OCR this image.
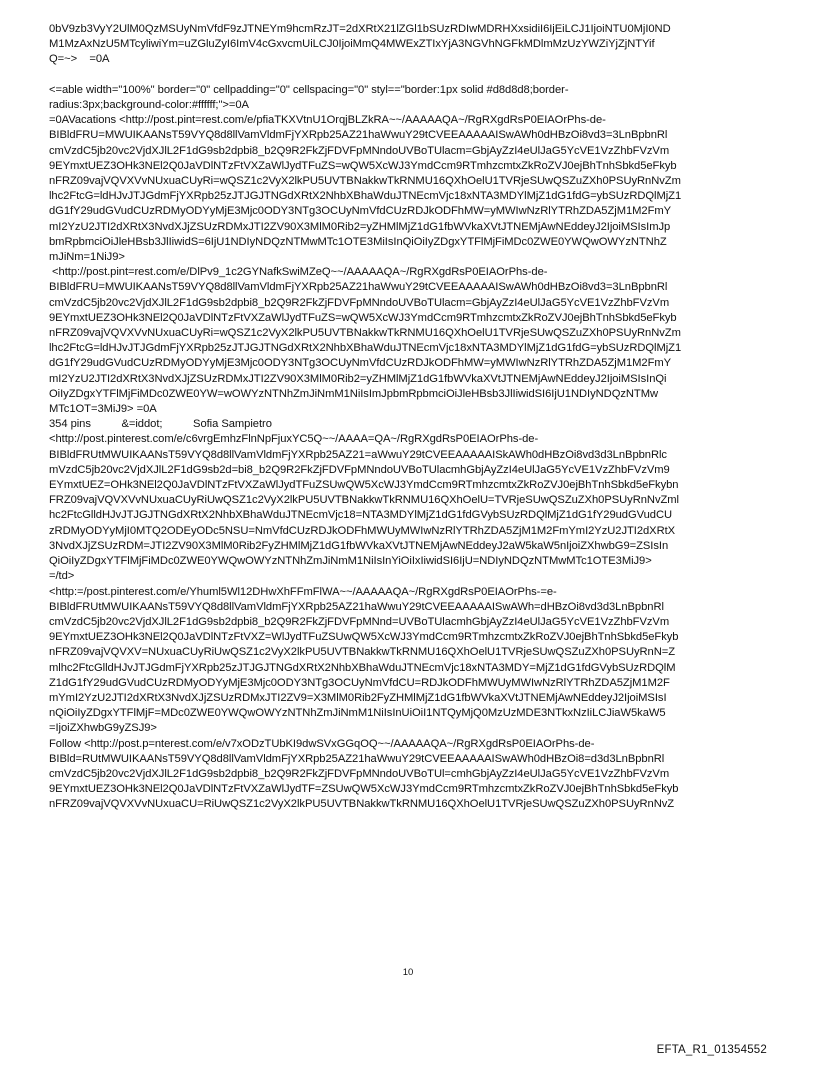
0bV9zb3VyY2UlM0QzMSUyNmVfdF9zJTNEYm9hcmRzJT=2dXRtX21lZGl1bSUzRDIwMDRHXxsidiI6IjEiLCJ1IjoiNTU0MjI0ND
M1MzAxNzU5MTcyliwiYm=uZGluZyI6ImV4cGxvcmUiLCJ0IjoiMmQ4MWExZTIxYjA3NGVhNGFkMDlmMzUzYWZiYjZjNTYif
Q=~>    =0A
<=able width="100%" border="0" cellpadding="0" cellspacing="0" styl=="border:1px solid #d8d8d8;border-
radius:3px;background-color:#ffffff;">=0A
=0AVacations <http://post.pint=rest.com/e/pfiaTKXVtnU1OrqjBLZkRA~~/AAAAAQA~/RgRXgdRsP0EIAOrPhs-de-
BIBldFRU=MWUIKAANsT59VYQ8d8llVamVldmFjYXRpb25AZ21haWwuY29tCVEEAAAAAISwAWh0dHBzOi8vd3=3LnBpbnRl
cmVzdC5jb20vc2VjdXJlL2F1dG9sb2dpbi8_b2Q9R2FkZjFDVFpMNndoUVBoTUlacm=GbjAyZzI4eUlJaG5YcVE1VzZhbFVzVm
9EYmxtUEZ3OHk3NEl2Q0JaVDlNTzFtVXZaWlJydTFuZS=wQW5XcWJ3YmdCcm9RTmhzcmtxZkRoZVJ0ejBhTnhSbkd5eFkyb
nFRZ09vajVQVXVvNUxuaCUyRi=wQSZ1c2VyX2lkPU5UVTBNakkwTkRNMU16QXhOelU1TVRjeSUwQSZuZXh0PSUyRnNvZm
lhc2FtcG=ldHJvJTJGdmFjYXRpb25zJTJGJTNGdXRtX2NhbXBhaWduJTNEcmVjc18xNTA3MDYlMjZ1dG1fdG=ybSUzRDQlMjZ1
dG1fY29udGVudCUzRDMyODYyMjE3Mjc0ODY3NTg3OCUyNmVfdCUzRDJkODFhMW=yMWIwNzRlYTRhZDA5ZjM1M2FmY
mI2YzU2JTI2dXRtX3NvdXJjZSUzRDMxJTI2ZV90X3MlM0Rib2=yZHMlMjZ1dG1fbWVkaXVtJTNEMjAwNEddeyJ2IjoiMSIsImJp
bmRpbmciOiJleHBsb3JlIiwidS=6IjU1NDIyNDQzNTMwMTc1OTE3MiIsInQiOiIyZDgxYTFlMjFiMDc0ZWE0YWQwOWYzNTNhZ
mJiNm=1NiJ9>
<http://post.pint=rest.com/e/DlPv9_1c2GYNafkSwiMZeQ~~/AAAAAQA~/RgRXgdRsP0EIAOrPhs-de-
BIBldFRU=MWUIKAANsT59VYQ8d8llVamVldmFjYXRpb25AZ21haWwuY29tCVEEAAAAAISwAWh0dHBzOi8vd3=3LnBpbnRl
cmVzdC5jb20vc2VjdXJlL2F1dG9sb2dpbi8_b2Q9R2FkZjFDVFpMNndoUVBoTUlacm=GbjAyZzI4eUlJaG5YcVE1VzZhbFVzVm
9EYmxtUEZ3OHk3NEl2Q0JaVDlNTzFtVXZaWlJydTFuZS=wQW5XcWJ3YmdCcm9RTmhzcmtxZkRoZVJ0ejBhTnhSbkd5eFkyb
nFRZ09vajVQVXVvNUxuaCUyRi=wQSZ1c2VyX2lkPU5UVTBNakkwTkRNMU16QXhOelU1TVRjeSUwQSZuZXh0PSUyRnNvZm
lhc2FtcG=ldHJvJTJGdmFjYXRpb25zJTJGJTNGdXRtX2NhbXBhaWduJTNEcmVjc18xNTA3MDYlMjZ1dG1fdG=ybSUzRDQlMjZ1
dG1fY29udGVudCUzRDMyODYyMjE3Mjc0ODY3NTg3OCUyNmVfdCUzRDJkODFhMW=yMWIwNzRlYTRhZDA5ZjM1M2FmY
mI2YzU2JTI2dXRtX3NvdXJjZSUzRDMxJTI2ZV90X3MlM0Rib2=yZHMlMjZ1dG1fbWVkaXVtJTNEMjAwNEddeyJ2IjoiMSIsInQi
OiIyZDgxYTFlMjFiMDc0ZWE0YW=wOWYzNTNhZmJiNmM1NiIsImJpbmRpbmciOiJleHBsb3JlIiwidSI6IjU1NDIyNDQzNTMw
MTc1OT=3MiJ9> =0A
354 pins          &=iddot;          Sofia Sampietro
<http://post.pinterest.com/e/c6vrgEmhzFlnNpFjuxYC5Q~~/AAAA=QA~/RgRXgdRsP0EIAOrPhs-de-
BIBldFRUtMWUIKAANsT59VYQ8d8llVamVldmFjYXRpb25AZ21=aWwuY29tCVEEAAAAAISkAWh0dHBzOi8vd3d3LnBpbnRlc
mVzdC5jb20vc2VjdXJlL2F1dG9sb2d=bi8_b2Q9R2FkZjFDVFpMNndoUVBoTUlacmhGbjAyZzI4eUlJaG5YcVE1VzZhbFVzVm9
EYmxtUEZ=OHk3NEl2Q0JaVDlNTzFtVXZaWlJydTFuZSUwQW5XcWJ3YmdCcm9RTmhzcmtxZkRoZVJ0ejBhTnhSbkd5eFkybn
FRZ09vajVQVXVvNUxuaCUyRiUwQSZ1c2VyX2lkPU5UVTBNakkwTkRNMU16QXhOelU=TVRjeSUwQSZuZXh0PSUyRnNvZml
hc2FtcGlldHJvJTJGJTNGdXRtX2NhbXBhaWduJTNEcmVjc18=NTA3MDYlMjZ1dG1fdGVybSUzRDQlMjZ1dG1fY29udGVudCU
zRDMyODYyMjI0MTQ2ODEyODc5NSU=NmVfdCUzRDJkODFhMWUyMWIwNzRlYTRhZDA5ZjM1M2FmYmI2YzU2JTI2dXRtX
3NvdXJjZSUzRDM=JTI2ZV90X3MlM0Rib2FyZHMlMjZ1dG1fbWVkaXVtJTNEMjAwNEddeyJ2aW5kaW5nIjoiZXhwbG9=ZSIsIn
QiOiIyZDgxYTFlMjFiMDc0ZWE0YWQwOWYzNTNhZmJiNmM1NiIsInYiOiIxIiwidSI6IjU=NDIyNDQzNTMwMTc1OTE3MiJ9>
=/td>
<http:=/post.pinterest.com/e/Yhuml5Wl12DHwXhFFmFlWA~~/AAAAAQA~/RgRXgdRsP0EIAOrPhs-=e-
BIBldFRUtMWUIKAANsT59VYQ8d8llVamVldmFjYXRpb25AZ21haWwuY29tCVEEAAAAAISwAWh=dHBzOi8vd3d3LnBpbnRl
cmVzdC5jb20vc2VjdXJlL2F1dG9sb2dpbi8_b2Q9R2FkZjFDVFpMNnd=UVBoTUlacmhGbjAyZzI4eUlJaG5YcVE1VzZhbFVzVm
9EYmxtUEZ3OHk3NEl2Q0JaVDlNTzFtVXZ=WlJydTFuZSUwQW5XcWJ3YmdCcm9RTmhzcmtxZkRoZVJ0ejBhTnhSbkd5eFkyb
nFRZ09vajVQVXV=NUxuaCUyRiUwQSZ1c2VyX2lkPU5UVTBNakkwTkRNMU16QXhOelU1TVRjeSUwQSZuZXh0PSUyRnN=Z
mlhc2FtcGlldHJvJTJGdmFjYXRpb25zJTJGJTNGdXRtX2NhbXBhaWduJTNEcmVjc18xNTA3MDY=MjZ1dG1fdGVybSUzRDQlM
Z1dG1fY29udGVudCUzRDMyODYyMjE3Mjc0ODY3NTg3OCUyNmVfdCU=RDJkODFhMWUyMWIwNzRlYTRhZDA5ZjM1M2F
mYmI2YzU2JTI2dXRtX3NvdXJjZSUzRDMxJTI2ZV9=X3MlM0Rib2FyZHMlMjZ1dG1fbWVkaXVtJTNEMjAwNEddeyJ2IjoiMSIsI
nQiOiIyZDgxYTFlMjF=MDc0ZWE0YWQwOWYzNTNhZmJiNmM1NiIsInUiOiI1NTQyMjQ0MzUzMDE3NTkxNzIiLCJiaW5kaW5
=IjoiZXhwbG9yZSJ9>
Follow <http://post.p=nterest.com/e/v7xODzTUbKI9dwSVxGGqOQ~~/AAAAAQA~/RgRXgdRsP0EIAOrPhs-de-
BIBld=RUtMWUIKAANsT59VYQ8d8llVamVldmFjYXRpb25AZ21haWwuY29tCVEEAAAAAISwAWh0dHBzOi8=d3d3LnBpbnRl
cmVzdC5jb20vc2VjdXJlL2F1dG9sb2dpbi8_b2Q9R2FkZjFDVFpMNndoUVBoTUl=cmhGbjAyZzI4eUlJaG5YcVE1VzZhbFVzVm
9EYmxtUEZ3OHk3NEl2Q0JaVDlNTzFtVXZaWlJydTF=ZSUwQW5XcWJ3YmdCcm9RTmhzcmtxZkRoZVJ0ejBhTnhSbkd5eFkyb
nFRZ09vajVQVXVvNUxuaCU=RiUwQSZ1c2VyX2lkPU5UVTBNakkwTkRNMU16QXhOelU1TVRjeSUwQSZuZXh0PSUyRnNvZ
10
EFTA_R1_01354552
